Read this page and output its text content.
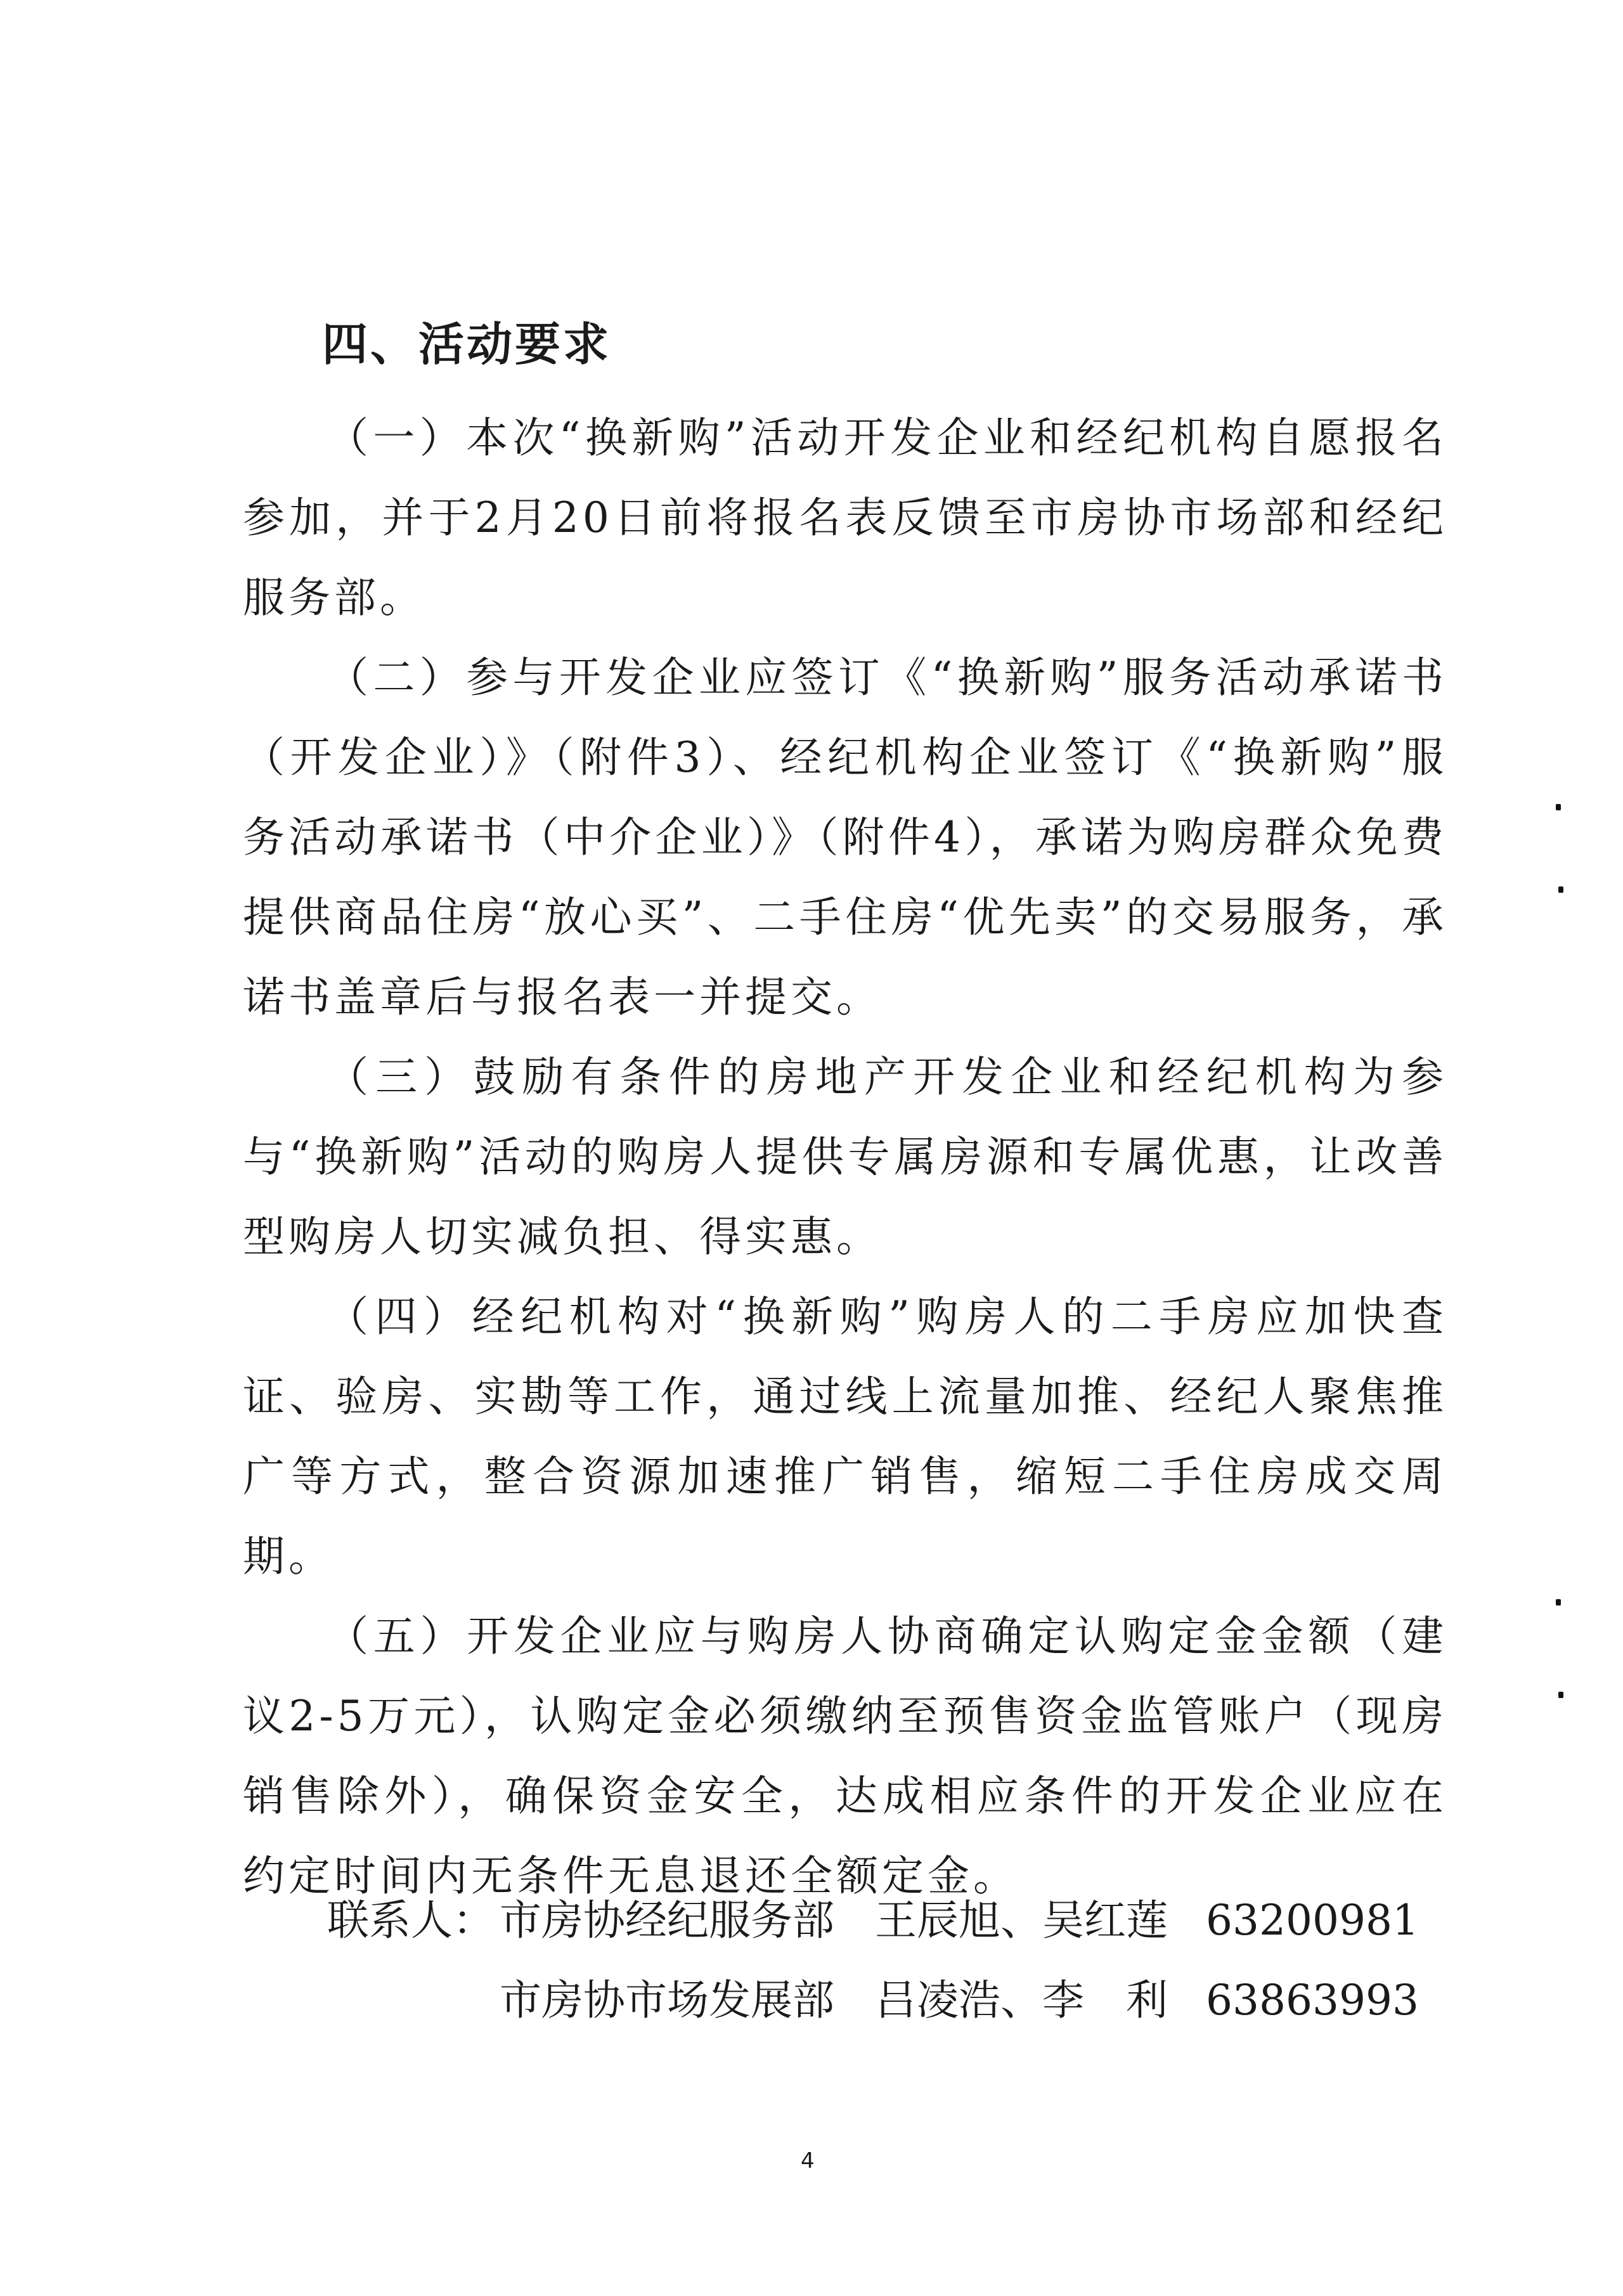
四、活动要求

（一）本次“换新购”活动开发企业和经纪机构自愿报名参加，并于2月20日前将报名表反馈至市房协市场部和经纪服务部。

（二）参与开发企业应签订《“换新购”服务活动承诺书（开发企业）》（附件3）、经纪机构企业签订《“换新购”服务活动承诺书（中介企业）》（附件4），承诺为购房群众免费提供商品住房“放心买”、二手住房“优先卖”的交易服务，承诺书盖章后与报名表一并提交。

（三）鼓励有条件的房地产开发企业和经纪机构为参与“换新购”活动的购房人提供专属房源和专属优惠，让改善型购房人切实减负担、得实惠。

（四）经纪机构对“换新购”购房人的二手房应加快查证、验房、实勘等工作，通过线上流量加推、经纪人聚焦推广等方式，整合资源加速推广销售，缩短二手住房成交周期。

（五）开发企业应与购房人协商确定认购定金金额（建议2-5万元），认购定金必须缴纳至预售资金监管账户（现房销售除外），确保资金安全，达成相应条件的开发企业应在约定时间内无条件无息退还全额定金。

联系人： 市房协经纪服务部 王辰旭、吴红莲 63200981
市房协市场发展部 吕凌浩、李　利 63863993
4
